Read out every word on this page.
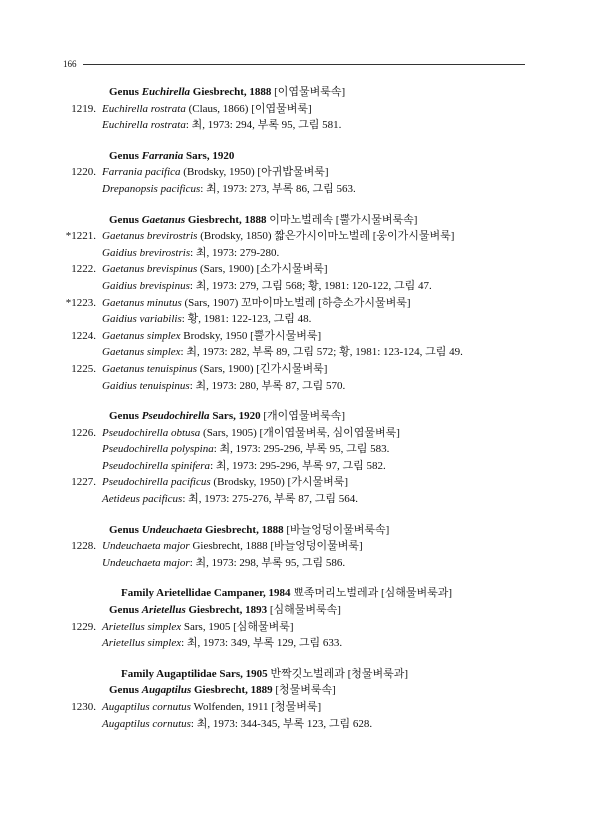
166
Genus Euchirella Giesbrecht, 1888 [이엽물벼룩속]
1219. Euchirella rostrata (Claus, 1866) [이엽물벼룩]
Euchirella rostrata: 최, 1973: 294, 부록 95, 그림 581.
Genus Farrania Sars, 1920
1220. Farrania pacifica (Brodsky, 1950) [아귀밥물벼룩]
Drepanopsis pacificus: 최, 1973: 273, 부록 86, 그림 563.
Genus Gaetanus Giesbrecht, 1888 이마노벌레속 [뿔가시물벼룩속]
*1221. Gaetanus brevirostris (Brodsky, 1850) 짧은가시이마노벌레 [웅이가시물벼룩]
Gaidius brevirostris: 최, 1973: 279-280.
1222. Gaetanus brevispinus (Sars, 1900) [소가시물벼룩]
Gaidius brevispinus: 최, 1973: 279, 그림 568; 황, 1981: 120-122, 그림 47.
*1223. Gaetanus minutus (Sars, 1907) 꼬마이마노벌레 [하층소가시물벼룩]
Gaidius variabilis: 황, 1981: 122-123, 그림 48.
1224. Gaetanus simplex Brodsky, 1950 [뿔가시물벼룩]
Gaetanus simplex: 최, 1973: 282, 부록 89, 그림 572; 황, 1981: 123-124, 그림 49.
1225. Gaetanus tenuispinus (Sars, 1900) [긴가시물벼룩]
Gaidius tenuispinus: 최, 1973: 280, 부록 87, 그림 570.
Genus Pseudochirella Sars, 1920 [개이엽물벼룩속]
1226. Pseudochirella obtusa (Sars, 1905) [개이엽물벼룩, 심이엽물벼룩]
Pseudochirella polyspina: 최, 1973: 295-296, 부록 95, 그림 583.
Pseudochirella spinifera: 최, 1973: 295-296, 부록 97, 그림 582.
1227. Pseudochirella pacificus (Brodsky, 1950) [가시물벼룩]
Aetideus pacificus: 최, 1973: 275-276, 부록 87, 그림 564.
Genus Undeuchaeta Giesbrecht, 1888 [바늘엉덩이물벼룩속]
1228. Undeuchaeta major Giesbrecht, 1888 [바늘엉덩이물벼룩]
Undeuchaeta major: 최, 1973: 298, 부록 95, 그림 586.
Family Arietellidae Campaner, 1984 뾰족머리노벌레과 [심해물벼룩과]
Genus Arietellus Giesbrecht, 1893 [심해물벼룩속]
1229. Arietellus simplex Sars, 1905 [심해물벼룩]
Arietellus simplex: 최, 1973: 349, 부록 129, 그림 633.
Family Augaptilidae Sars, 1905 반짝깃노벌레과 [청물벼룩과]
Genus Augaptilus Giesbrecht, 1889 [청물벼룩속]
1230. Augaptilus cornutus Wolfenden, 1911 [청물벼룩]
Augaptilus cornutus: 최, 1973: 344-345, 부록 123, 그림 628.
